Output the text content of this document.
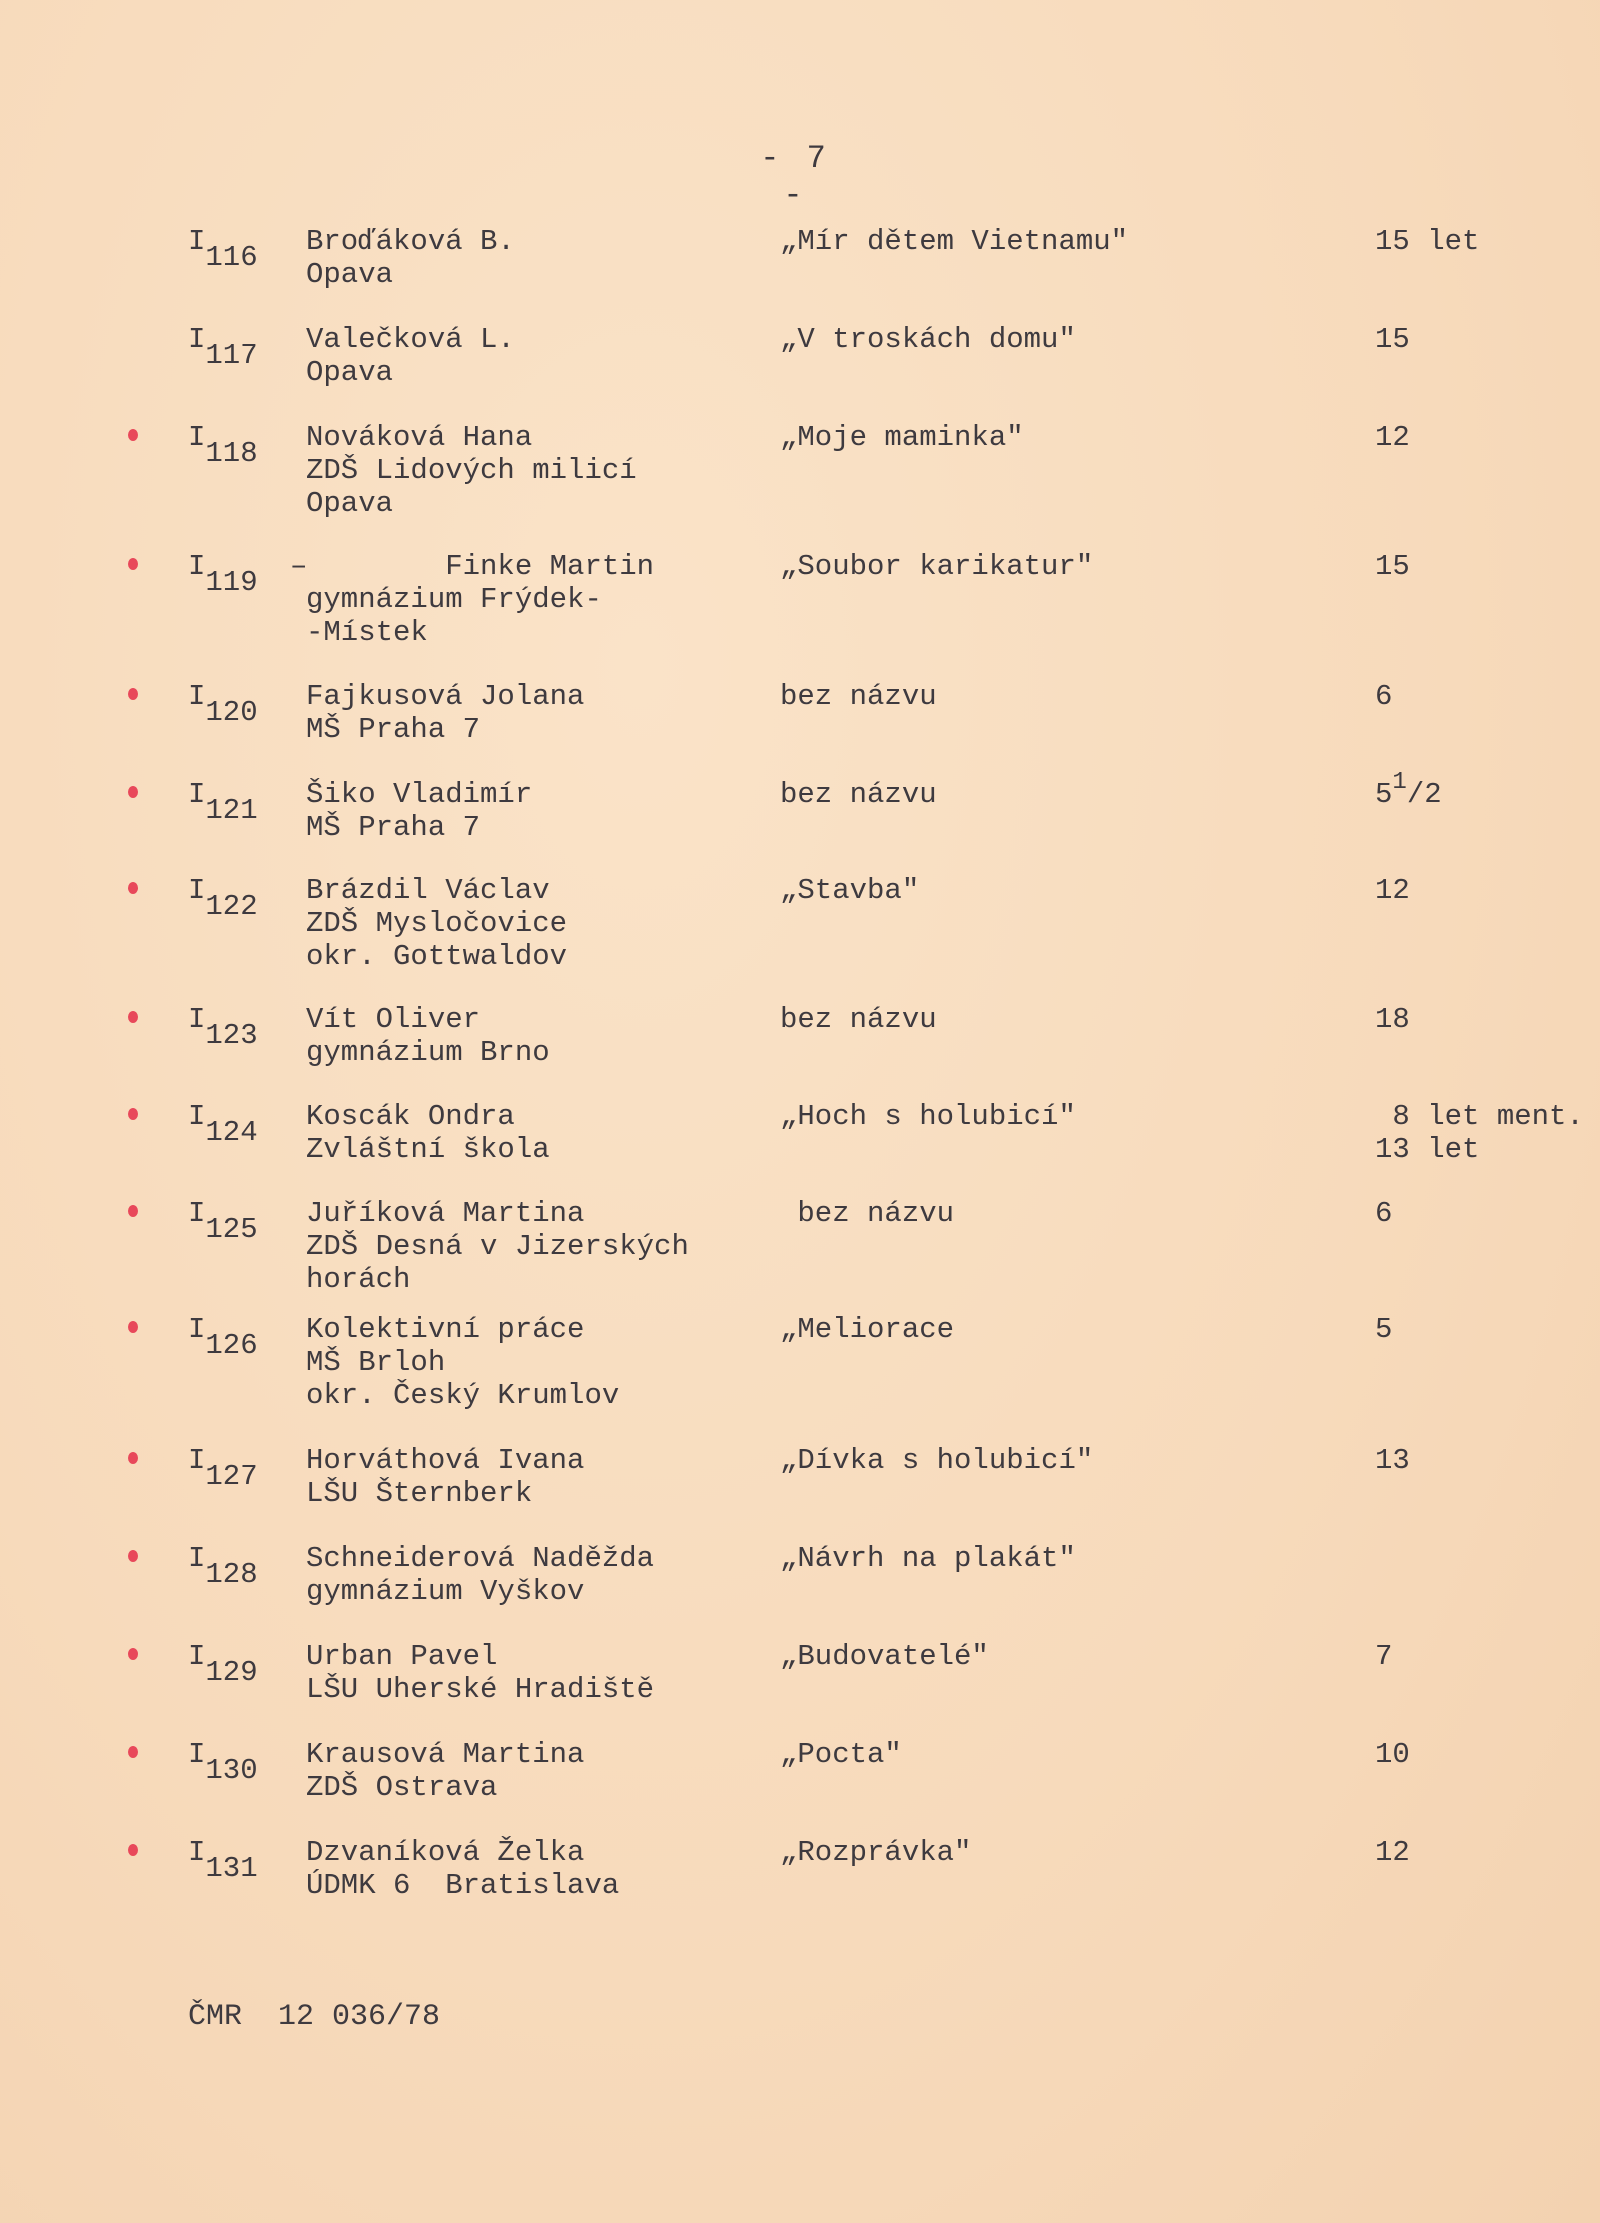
- 7 -
I116 Broďáková B.
Opava
„Mír dětem Vietnamu"	15 let
I117 Valečková L.
Opava
„V troskách domu"	15
I118 Nováková Hana
ZDŠ Lidových milicí
Opava
„Moje maminka"	12
I119 –
Finke Martin
gymnázium Frýdek-
-Místek
„Soubor karikatur"	15
I120 Fajkusová Jolana
MŠ Praha 7
bez názvu	6
I121 Šiko Vladimír
MŠ Praha 7
bez názvu	$5^1/2$
I122 Brázdil Václav
ZDŠ Mysločovice
okr. Gottwaldov
„Stavba"	12
I123 Vít Oliver
gymnázium Brno
bez názvu	18
I124 Koscák Ondra
Zvláštní škola
„Hoch s holubicí"	8 let ment.
13 let
I125 Juříková Martina
ZDŠ Desná v Jizerských
horách
bez názvu	6
I126 Kolektivní práce
MŠ Brloh
okr. Český Krumlov
„Meliorace	5
I127 Horváthová Ivana
LŠU Šternberk
„Dívka s holubicí"	13
I128 Schneiderová Naděžda
gymnázium Vyškov
„Návrh na plakát"
I129 Urban Pavel
LŠU Uherské Hradiště
„Budovatelé"	7
I130 Krausová Martina
ZDŠ Ostrava
„Pocta"	10
I131 Dzvaníková Želka
ÚDMK 6  Bratislava
„Rozprávka"	12
ČMR  12 036/78
